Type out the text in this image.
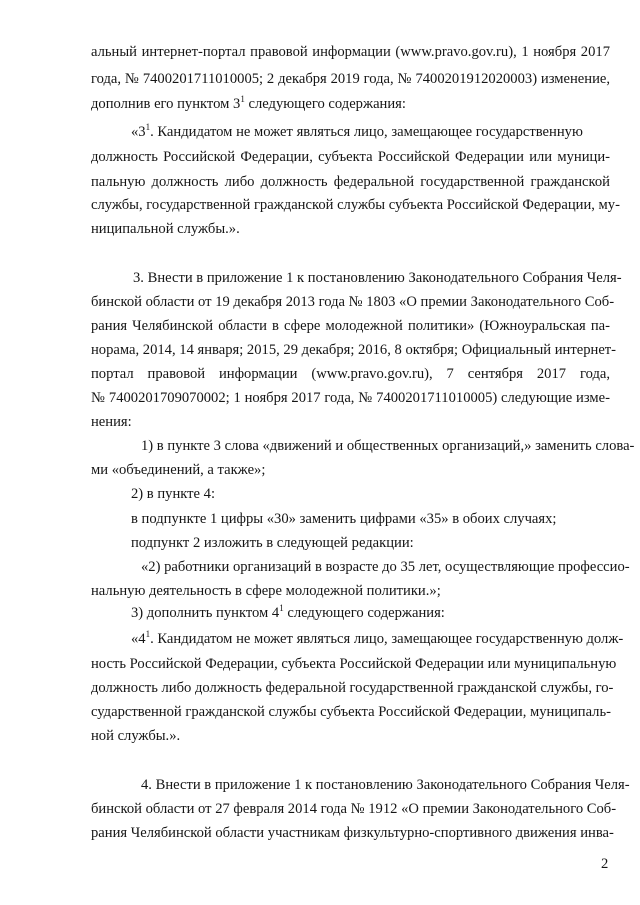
альный интернет-портал правовой информации (www.pravo.gov.ru), 1 ноября 2017
года, № 7400201711010005; 2 декабря 2019 года, № 7400201912020003) изменение,
дополнив его пунктом $3^1$ следующего содержания:
«$3^1$. Кандидатом не может являться лицо, замещающее государственную
должность Российской Федерации, субъекта Российской Федерации или муници-
пальную должность либо должность федеральной государственной гражданской
службы, государственной гражданской службы субъекта Российской Федерации, му-
ниципальной службы.».
3. Внести в приложение 1 к постановлению Законодательного Собрания Челя-
бинской области от 19 декабря 2013 года № 1803 «О премии Законодательного Соб-
рания Челябинской области в сфере молодежной политики» (Южноуральская па-
норама, 2014, 14 января; 2015, 29 декабря; 2016, 8 октября; Официальный интернет-
портал правовой информации (www.pravo.gov.ru), 7 сентября 2017 года,
№ 7400201709070002; 1 ноября 2017 года, № 7400201711010005) следующие изме-
нения:
1) в пункте 3 слова «движений и общественных организаций,» заменить слова-
ми «объединений, а также»;
2) в пункте 4:
в подпункте 1 цифры «30» заменить цифрами «35» в обоих случаях;
подпункт 2 изложить в следующей редакции:
«2) работники организаций в возрасте до 35 лет, осуществляющие профессио-
нальную деятельность в сфере молодежной политики.»;
3) дополнить пунктом $4^1$ следующего содержания:
«$4^1$. Кандидатом не может являться лицо, замещающее государственную долж-
ность Российской Федерации, субъекта Российской Федерации или муниципальную
должность либо должность федеральной государственной гражданской службы, го-
сударственной гражданской службы субъекта Российской Федерации, муниципаль-
ной службы.».
4. Внести в приложение 1 к постановлению Законодательного Собрания Челя-
бинской области от 27 февраля 2014 года № 1912 «О премии Законодательного Соб-
рания Челябинской области участникам физкультурно-спортивного движения инва-
2
